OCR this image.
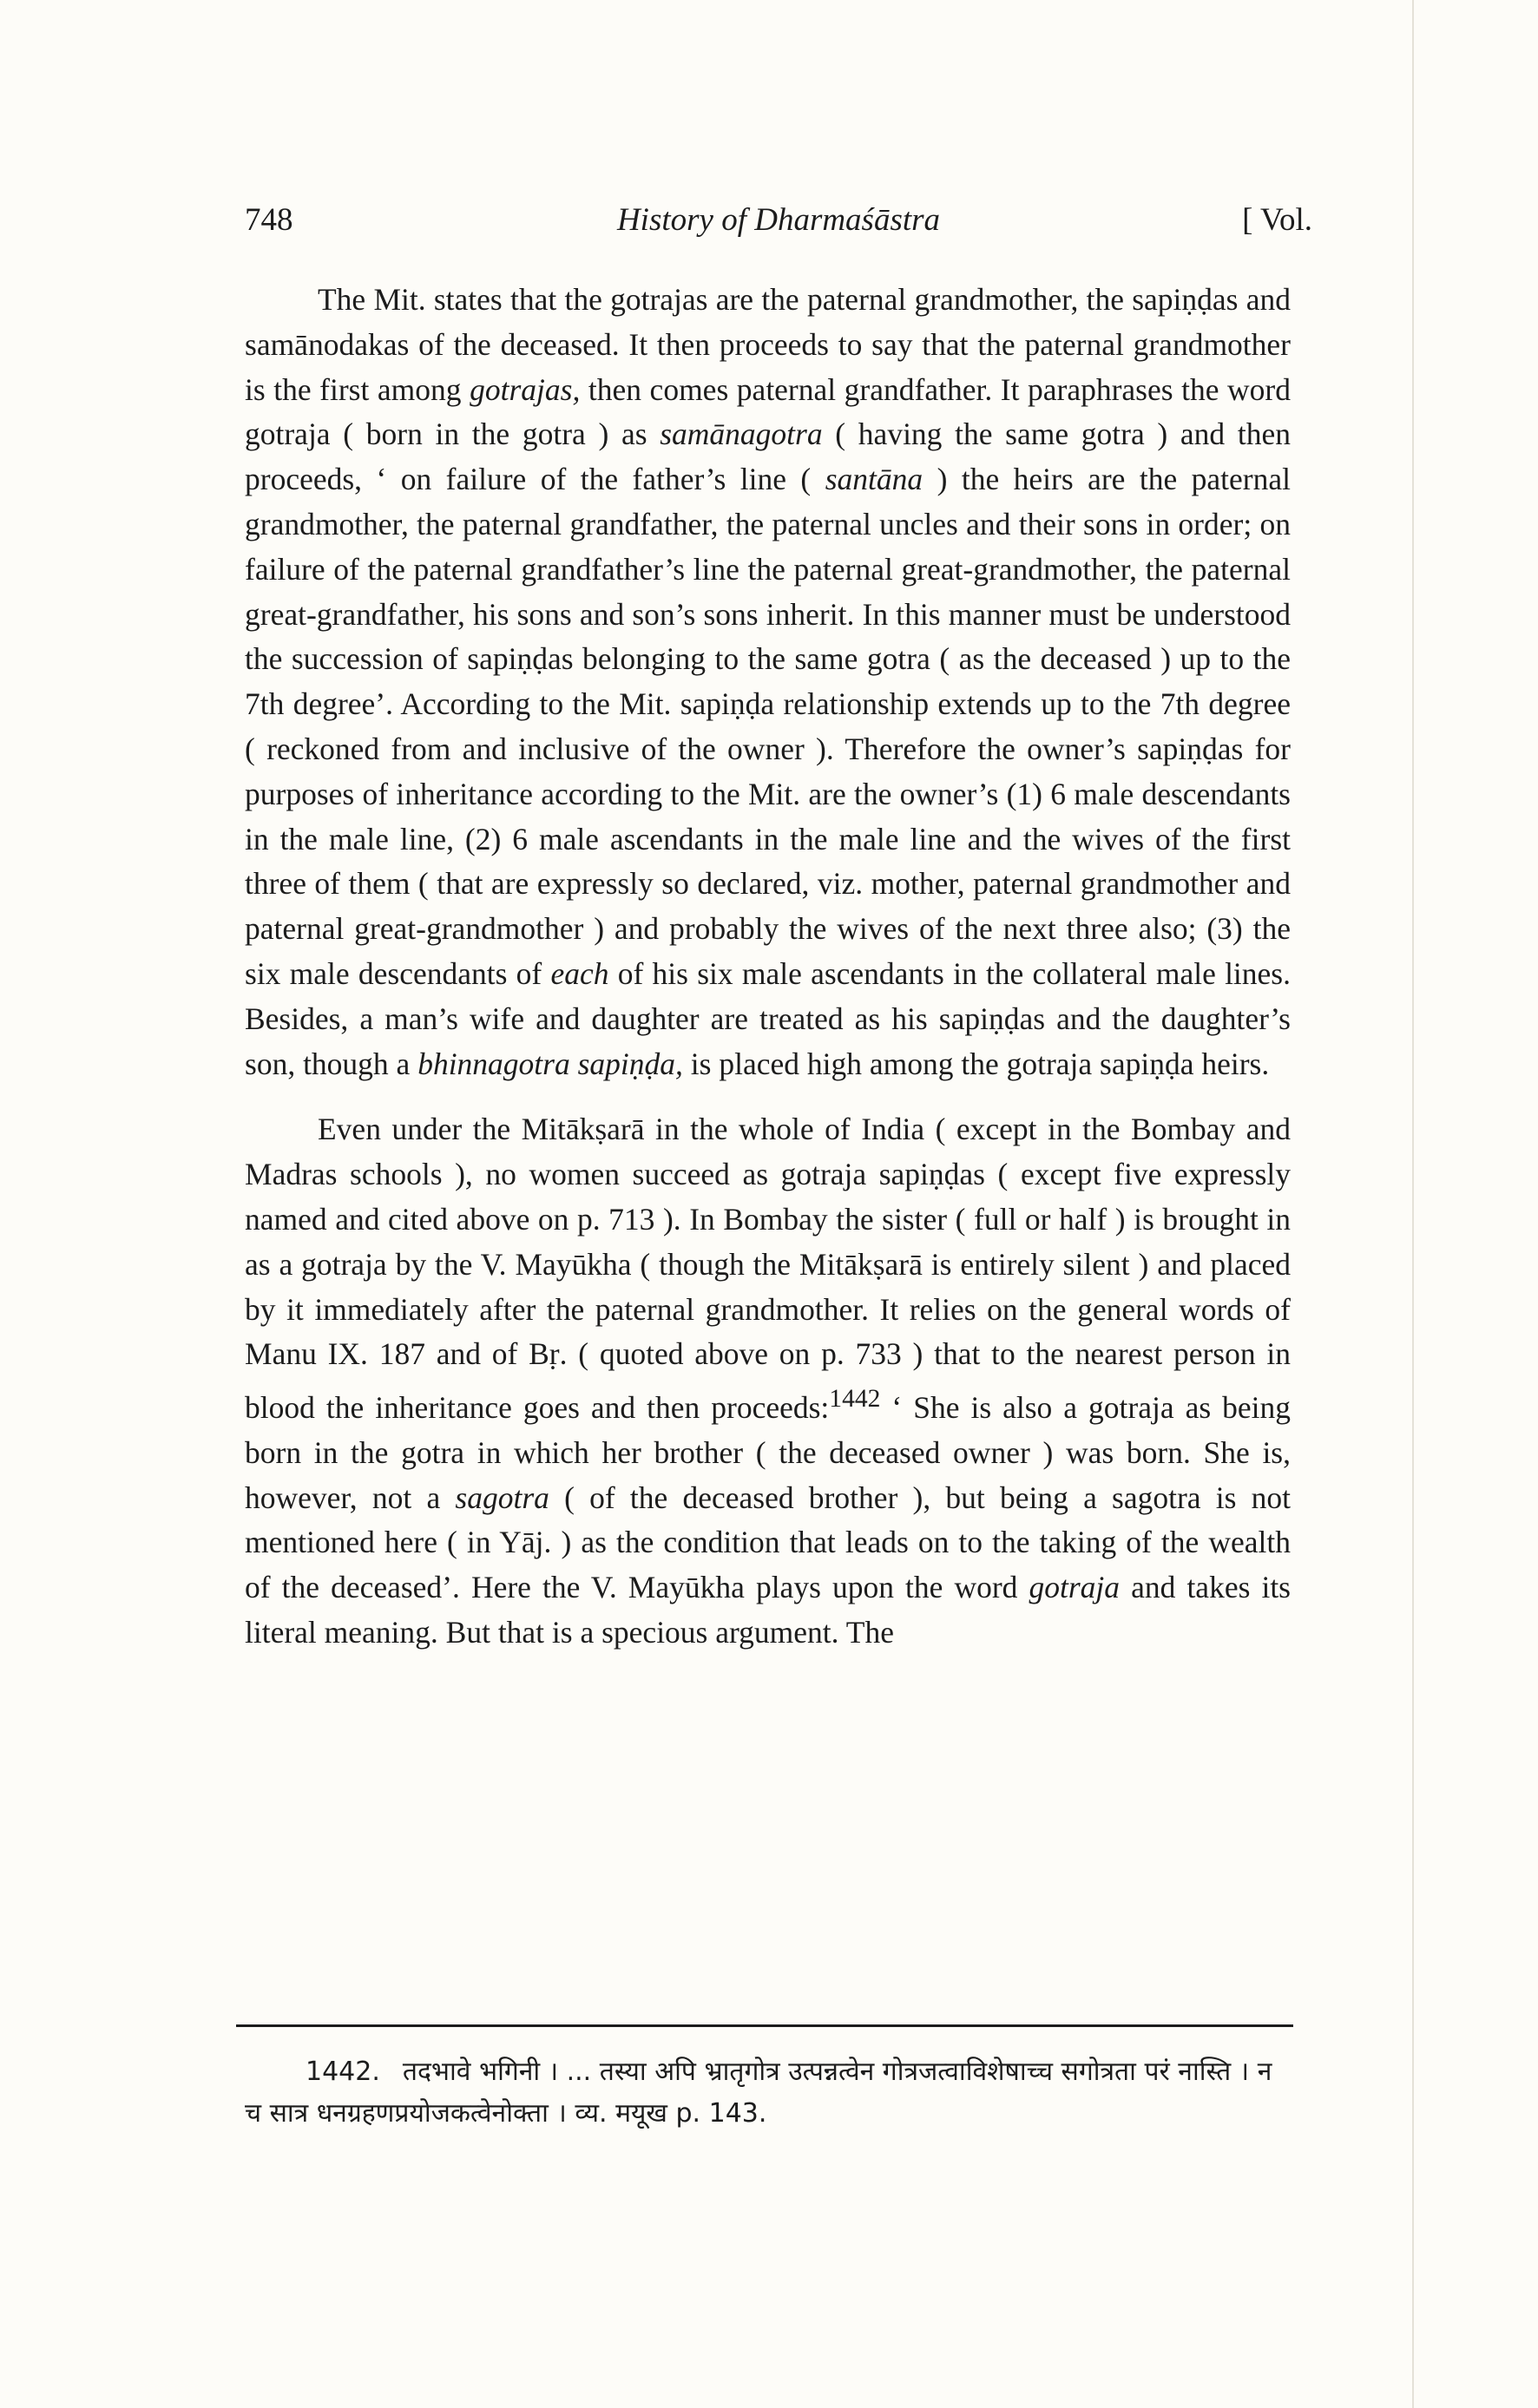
748	History of Dharmaśāstra	[ Vol.

The Mit. states that the gotrajas are the paternal grandmother, the sapiṇḍas and samānodakas of the deceased. It then proceeds to say that the paternal grandmother is the first among gotrajas, then comes paternal grandfather. It paraphrases the word gotraja ( born in the gotra ) as samānagotra ( having the same gotra ) and then proceeds, ‘ on failure of the father’s line ( santāna ) the heirs are the paternal grandmother, the paternal grandfather, the paternal uncles and their sons in order; on failure of the paternal grandfather’s line the paternal great-grandmother, the paternal great-grandfather, his sons and son’s sons inherit. In this manner must be understood the succession of sapiṇḍas belonging to the same gotra ( as the deceased ) up to the 7th degree’. According to the Mit. sapiṇḍa relationship extends up to the 7th degree ( reckoned from and inclusive of the owner ). Therefore the owner’s sapiṇḍas for purposes of inheritance according to the Mit. are the owner’s (1) 6 male descendants in the male line, (2) 6 male ascendants in the male line and the wives of the first three of them ( that are expressly so declared, viz. mother, paternal grandmother and paternal great-grandmother ) and probably the wives of the next three also; (3) the six male descendants of each of his six male ascendants in the collateral male lines. Besides, a man’s wife and daughter are treated as his sapiṇḍas and the daughter’s son, though a bhinnagotra sapiṇḍa, is placed high among the gotraja sapiṇḍa heirs.

Even under the Mitākṣarā in the whole of India ( except in the Bombay and Madras schools ), no women succeed as gotraja sapiṇḍas ( except five expressly named and cited above on p. 713 ). In Bombay the sister ( full or half ) is brought in as a gotraja by the V. Mayūkha ( though the Mitākṣarā is entirely silent ) and placed by it immediately after the paternal grandmother. It relies on the general words of Manu IX. 187 and of Bṛ. ( quoted above on p. 733 ) that to the nearest person in blood the inheritance goes and then proceeds:$^{1442}$ ‘ She is also a gotraja as being born in the gotra in which her brother ( the deceased owner ) was born. She is, however, not a sagotra ( of the deceased brother ), but being a sagotra is not mentioned here ( in Yāj. ) as the condition that leads on to the taking of the wealth of the deceased’. Here the V. Mayūkha plays upon the word gotraja and takes its literal meaning. But that is a specious argument. The

1442. तदभावे भगिनी । ... तस्या अपि भ्रातृगोत्र उत्पन्नत्वेन गोत्रजत्वाविशेषाच्च सगोत्रता परं नास्ति । न च सात्र धनग्रहणप्रयोजकत्वेनोक्ता । व्य. मयूख p. 143.
